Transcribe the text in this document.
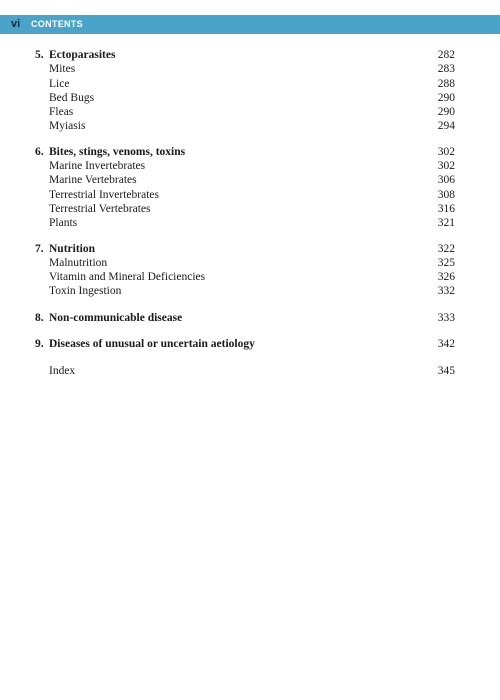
vi CONTENTS
5. Ectoparasites	282
Mites	283
Lice	288
Bed Bugs	290
Fleas	290
Myiasis	294
6. Bites, stings, venoms, toxins	302
Marine Invertebrates	302
Marine Vertebrates	306
Terrestrial Invertebrates	308
Terrestrial Vertebrates	316
Plants	321
7. Nutrition	322
Malnutrition	325
Vitamin and Mineral Deficiencies	326
Toxin Ingestion	332
8. Non-communicable disease	333
9. Diseases of unusual or uncertain aetiology	342
Index	345
